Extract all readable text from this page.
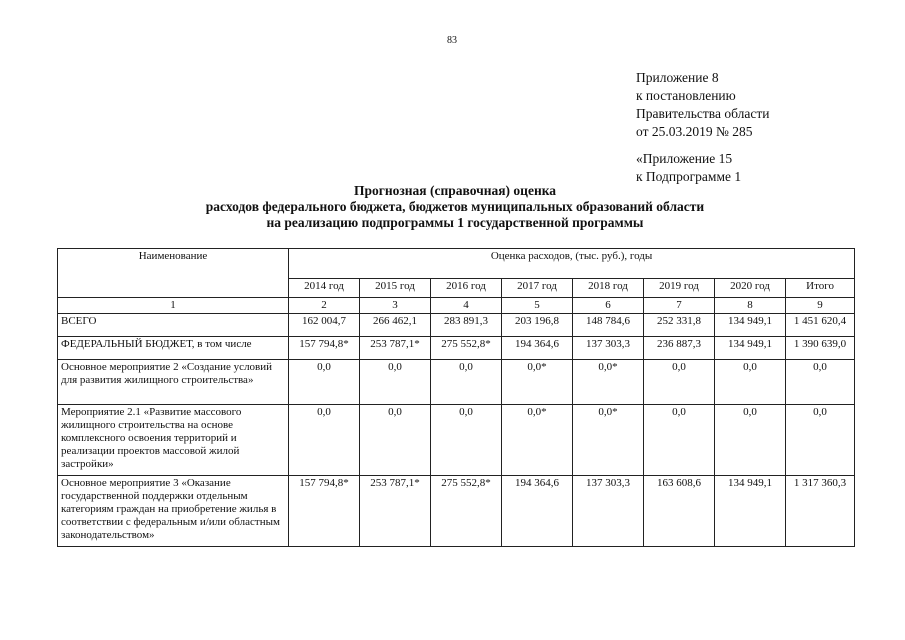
83
Приложение 8
к постановлению
Правительства области
от 25.03.2019 № 285
«Приложение 15
к Подпрограмме 1
Прогнозная (справочная) оценка
расходов федерального бюджета, бюджетов муниципальных образований области
на реализацию подпрограммы 1 государственной программы
Наименование	Оценка расходов, (тыс. руб.), годы							
	2014 год	2015 год	2016 год	2017 год	2018 год	2019 год	2020 год	Итого
1	2	3	4	5	6	7	8	9
ВСЕГО	162 004,7	266 462,1	283 891,3	203 196,8	148 784,6	252 331,8	134 949,1	1 451 620,4
ФЕДЕРАЛЬНЫЙ БЮДЖЕТ, в том числе	157 794,8*	253 787,1*	275 552,8*	194 364,6	137 303,3	236 887,3	134 949,1	1 390 639,0
Основное мероприятие 2 «Создание условий для развития жилищного строительства»	0,0	0,0	0,0	0,0*	0,0*	0,0	0,0	0,0
Мероприятие 2.1 «Развитие массового жилищного строительства на основе комплексного освоения территорий и реализации проектов массовой жилой застройки»	0,0	0,0	0,0	0,0*	0,0*	0,0	0,0	0,0
Основное мероприятие 3 «Оказание государственной поддержки отдельным категориям граждан на приобретение жилья в соответствии с федеральным и/или областным законодательством»	157 794,8*	253 787,1*	275 552,8*	194 364,6	137 303,3	163 608,6	134 949,1	1 317 360,3
